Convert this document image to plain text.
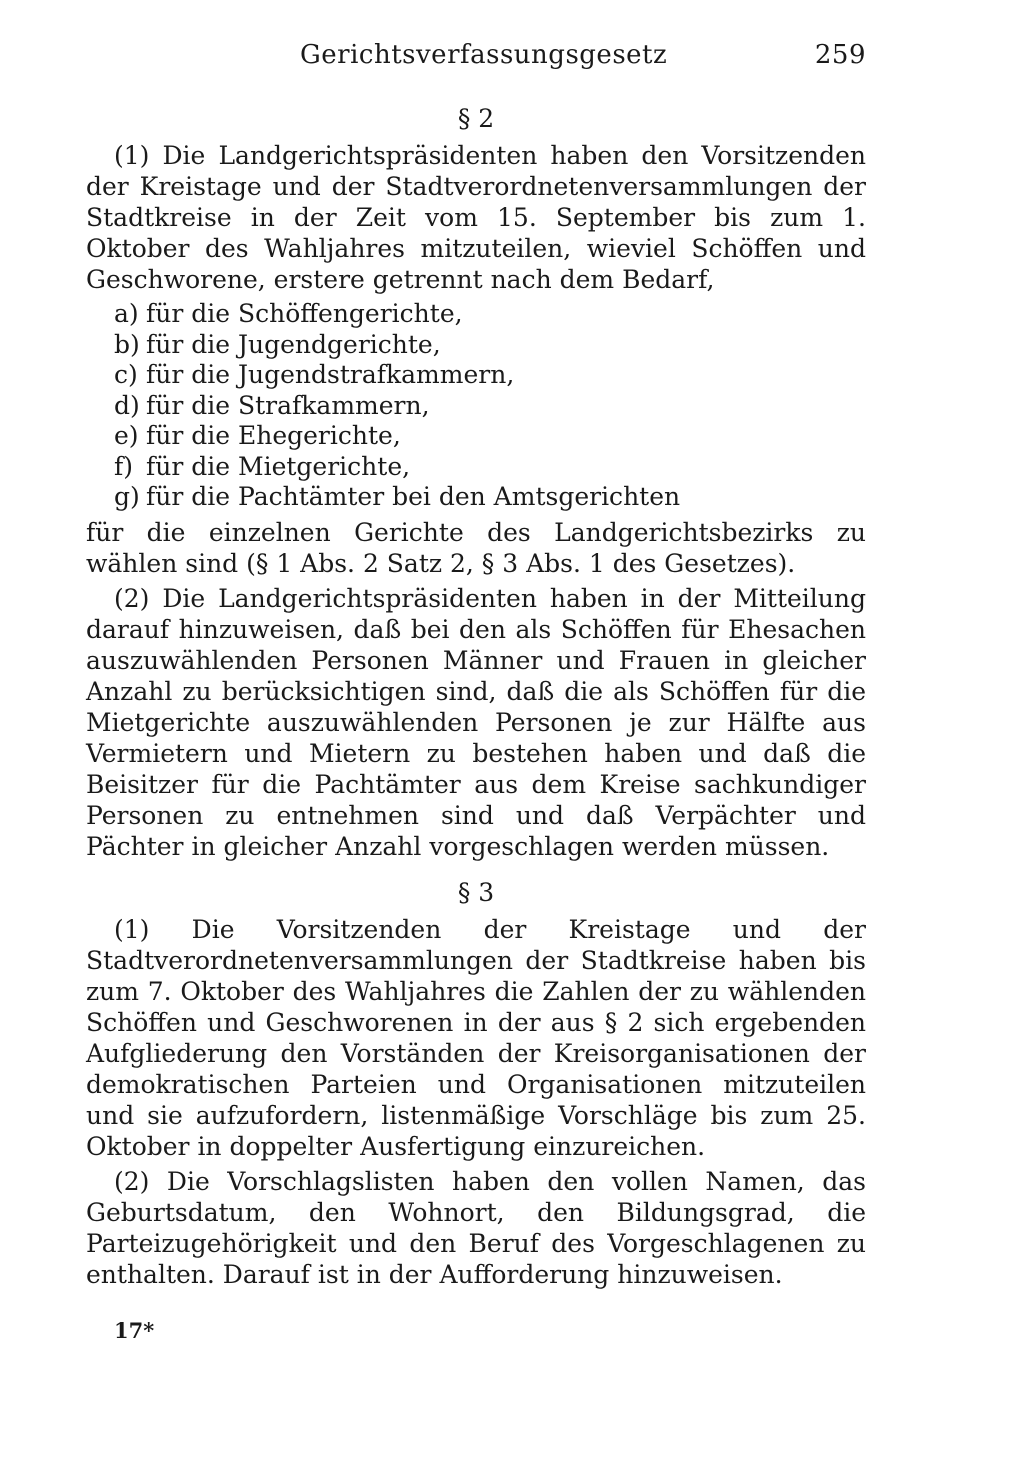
Gerichtsverfassungsgesetz	259
§ 2

(1) Die Landgerichtspräsidenten haben den Vorsitzenden der Kreistage und der Stadtverordnetenversammlungen der Stadtkreise in der Zeit vom 15. September bis zum 1. Oktober des Wahljahres mitzuteilen, wieviel Schöffen und Geschworene, erstere getrennt nach dem Bedarf,

a) für die Schöffengerichte,
b) für die Jugendgerichte,
c) für die Jugendstrafkammern,
d) für die Strafkammern,
e) für die Ehegerichte,
f) für die Mietgerichte,
g) für die Pachtämter bei den Amtsgerichten

für die einzelnen Gerichte des Landgerichtsbezirks zu wählen sind (§ 1 Abs. 2 Satz 2, § 3 Abs. 1 des Gesetzes).

(2) Die Landgerichtspräsidenten haben in der Mitteilung darauf hinzuweisen, daß bei den als Schöffen für Ehesachen auszuwählenden Personen Männer und Frauen in gleicher Anzahl zu berücksichtigen sind, daß die als Schöffen für die Mietgerichte auszuwählenden Personen je zur Hälfte aus Vermietern und Mietern zu bestehen haben und daß die Beisitzer für die Pachtämter aus dem Kreise sachkundiger Personen zu entnehmen sind und daß Verpächter und Pächter in gleicher Anzahl vorgeschlagen werden müssen.

§ 3

(1) Die Vorsitzenden der Kreistage und der Stadtverordnetenversammlungen der Stadtkreise haben bis zum 7. Oktober des Wahljahres die Zahlen der zu wählenden Schöffen und Geschworenen in der aus § 2 sich ergebenden Aufgliederung den Vorständen der Kreisorganisationen der demokratischen Parteien und Organisationen mitzuteilen und sie aufzufordern, listenmäßige Vorschläge bis zum 25. Oktober in doppelter Ausfertigung einzureichen.

(2) Die Vorschlagslisten haben den vollen Namen, das Geburtsdatum, den Wohnort, den Bildungsgrad, die Parteizugehörigkeit und den Beruf des Vorgeschlagenen zu enthalten. Darauf ist in der Aufforderung hinzuweisen.

17*
